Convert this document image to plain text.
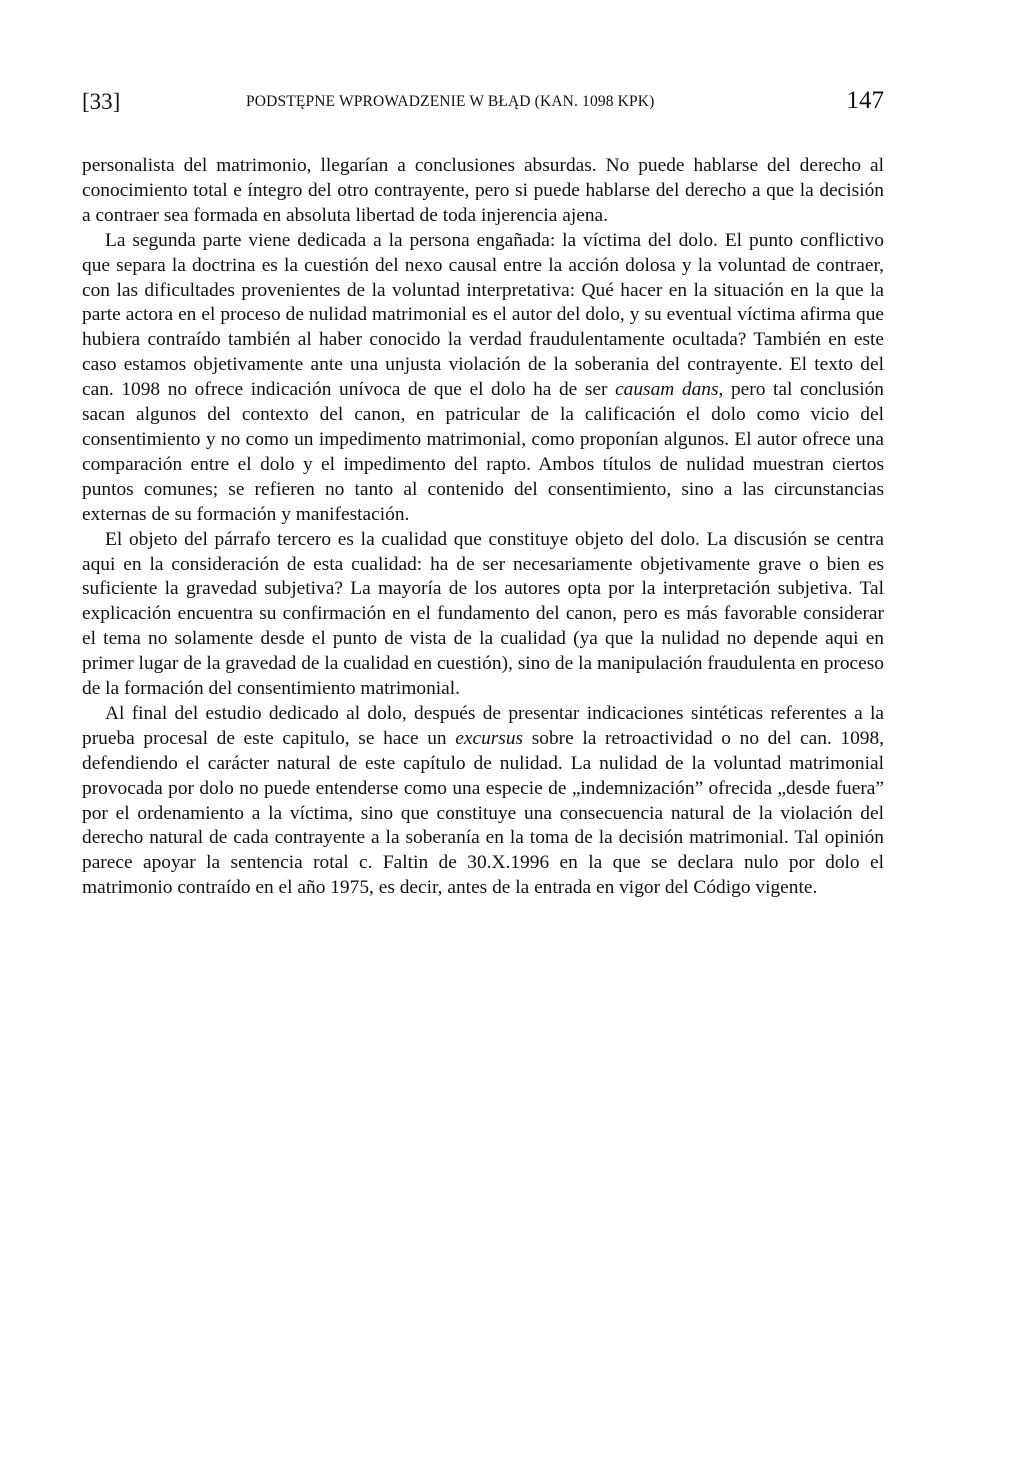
[33]	PODSTĘPNE WPROWADZENIE W BŁĄD (KAN. 1098 KPK)	147

personalista del matrimonio, llegarían a conclusiones absurdas. No puede hablarse del derecho al conocimiento total e íntegro del otro contrayente, pero si puede hablarse del derecho a que la decisión a contraer sea formada en absoluta libertad de toda injerencia ajena.

La segunda parte viene dedicada a la persona engañada: la víctima del dolo. El punto conflictivo que separa la doctrina es la cuestión del nexo causal entre la acción dolosa y la voluntad de contraer, con las dificultades provenientes de la voluntad interpretativa: Qué hacer en la situación en la que la parte actora en el proceso de nulidad matrimonial es el autor del dolo, y su eventual víctima afirma que hubiera contraído también al haber conocido la verdad fraudulentamente ocultada? También en este caso estamos objetivamente ante una unjusta violación de la soberania del contrayente. El texto del can. 1098 no ofrece indicación unívoca de que el dolo ha de ser causam dans, pero tal conclusión sacan algunos del contexto del canon, en patricular de la calificación el dolo como vicio del consentimiento y no como un impedimento matrimonial, como proponían algunos. El autor ofrece una comparación entre el dolo y el impedimento del rapto. Ambos títulos de nulidad muestran ciertos puntos comunes; se refieren no tanto al contenido del consentimiento, sino a las circunstancias externas de su formación y manifestación.

El objeto del párrafo tercero es la cualidad que constituye objeto del dolo. La discusión se centra aqui en la consideración de esta cualidad: ha de ser necesariamente objetivamente grave o bien es suficiente la gravedad subjetiva? La mayoría de los autores opta por la interpretación subjetiva. Tal explicación encuentra su confirmación en el fundamento del canon, pero es más favorable considerar el tema no solamente desde el punto de vista de la cualidad (ya que la nulidad no depende aqui en primer lugar de la gravedad de la cualidad en cuestión), sino de la manipulación fraudulenta en proceso de la formación del consentimiento matrimonial.

Al final del estudio dedicado al dolo, después de presentar indicaciones sintéticas referentes a la prueba procesal de este capitulo, se hace un excursus sobre la retroactividad o no del can. 1098, defendiendo el carácter natural de este capítulo de nulidad. La nulidad de la voluntad matrimonial provocada por dolo no puede entenderse como una especie de „indemnización” ofrecida „desde fuera” por el ordenamiento a la víctima, sino que constituye una consecuencia natural de la violación del derecho natural de cada contrayente a la soberanía en la toma de la decisión matrimonial. Tal opinión parece apoyar la sentencia rotal c. Faltin de 30.X.1996 en la que se declara nulo por dolo el matrimonio contraído en el año 1975, es decir, antes de la entrada en vigor del Código vigente.
